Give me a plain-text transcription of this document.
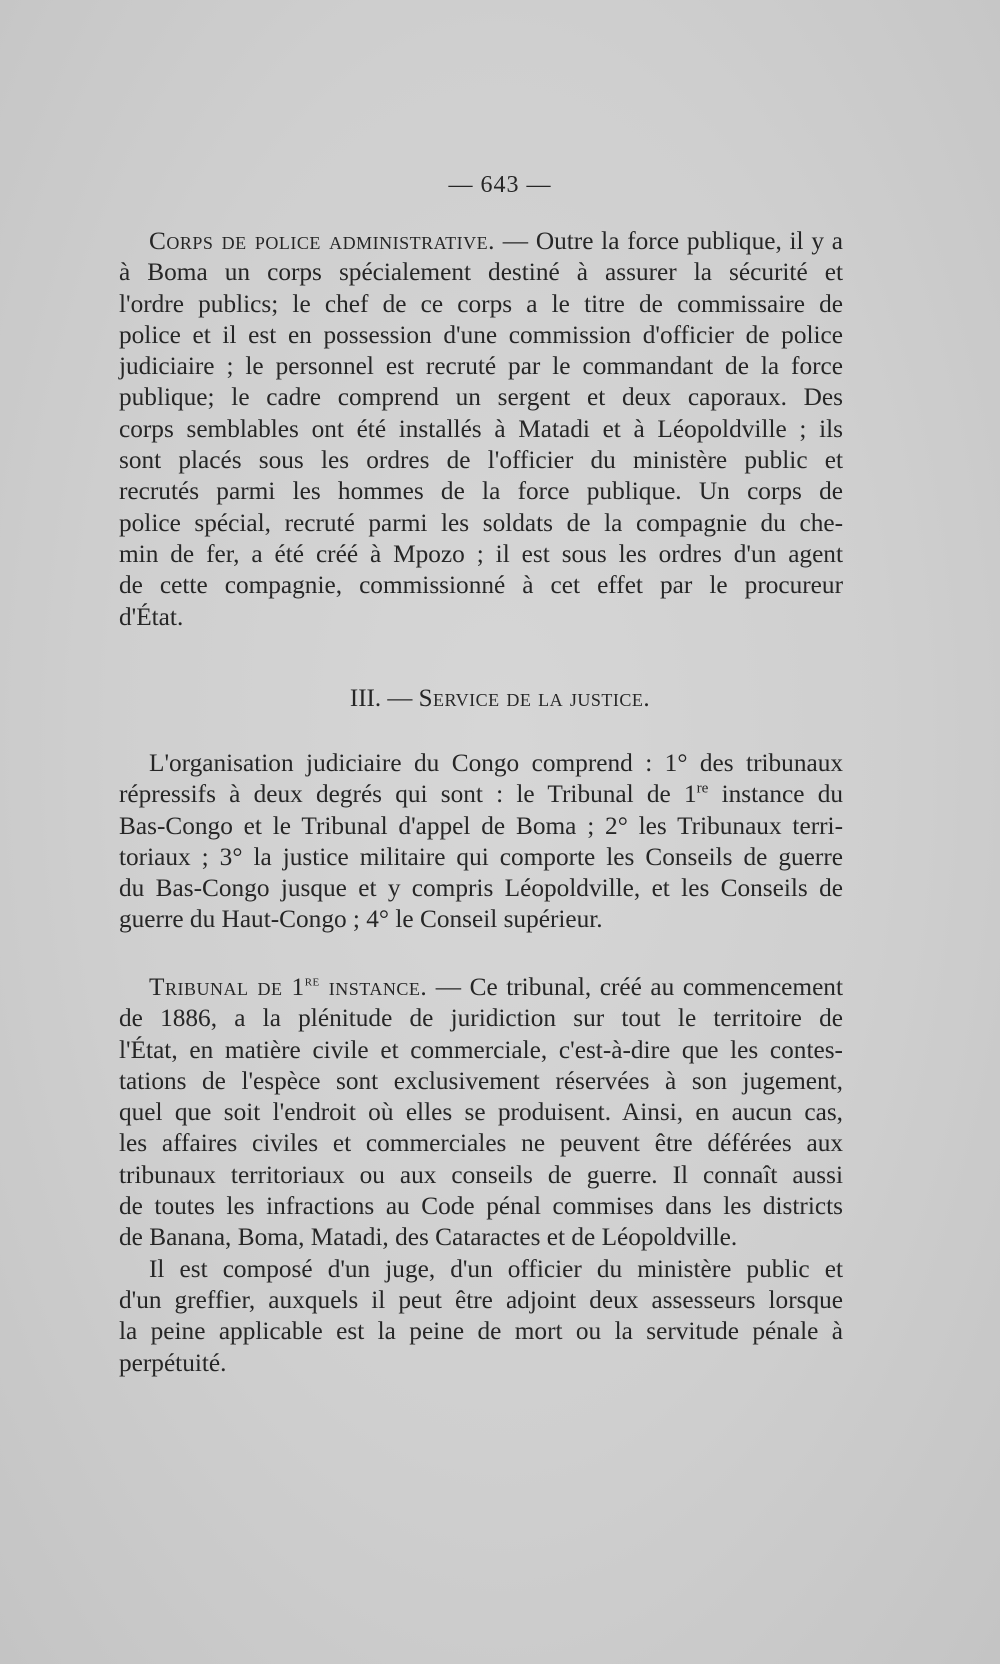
— 643 —
Corps de police administrative. — Outre la force publique, il y a
à Boma un corps spécialement destiné à assurer la sécurité et
l'ordre publics; le chef de ce corps a le titre de commissaire de
police et il est en possession d'une commission d'officier de police
judiciaire ; le personnel est recruté par le commandant de la force
publique; le cadre comprend un sergent et deux caporaux. Des
corps semblables ont été installés à Matadi et à Léopoldville ; ils
sont placés sous les ordres de l'officier du ministère public et
recrutés parmi les hommes de la force publique. Un corps de
police spécial, recruté parmi les soldats de la compagnie du che-
min de fer, a été créé à Mpozo ; il est sous les ordres d'un agent
de cette compagnie, commissionné à cet effet par le procureur
d'État.
III. — Service de la justice.
L'organisation judiciaire du Congo comprend : 1° des tribunaux
répressifs à deux degrés qui sont : le Tribunal de 1re instance du
Bas-Congo et le Tribunal d'appel de Boma ; 2° les Tribunaux terri-
toriaux ; 3° la justice militaire qui comporte les Conseils de guerre
du Bas-Congo jusque et y compris Léopoldville, et les Conseils de
guerre du Haut-Congo ; 4° le Conseil supérieur.
Tribunal de 1re instance. — Ce tribunal, créé au commencement
de 1886, a la plénitude de juridiction sur tout le territoire de
l'État, en matière civile et commerciale, c'est-à-dire que les contes-
tations de l'espèce sont exclusivement réservées à son jugement,
quel que soit l'endroit où elles se produisent. Ainsi, en aucun cas,
les affaires civiles et commerciales ne peuvent être déférées aux
tribunaux territoriaux ou aux conseils de guerre. Il connaît aussi
de toutes les infractions au Code pénal commises dans les districts
de Banana, Boma, Matadi, des Cataractes et de Léopoldville.
Il est composé d'un juge, d'un officier du ministère public et
d'un greffier, auxquels il peut être adjoint deux assesseurs lorsque
la peine applicable est la peine de mort ou la servitude pénale à
perpétuité.
